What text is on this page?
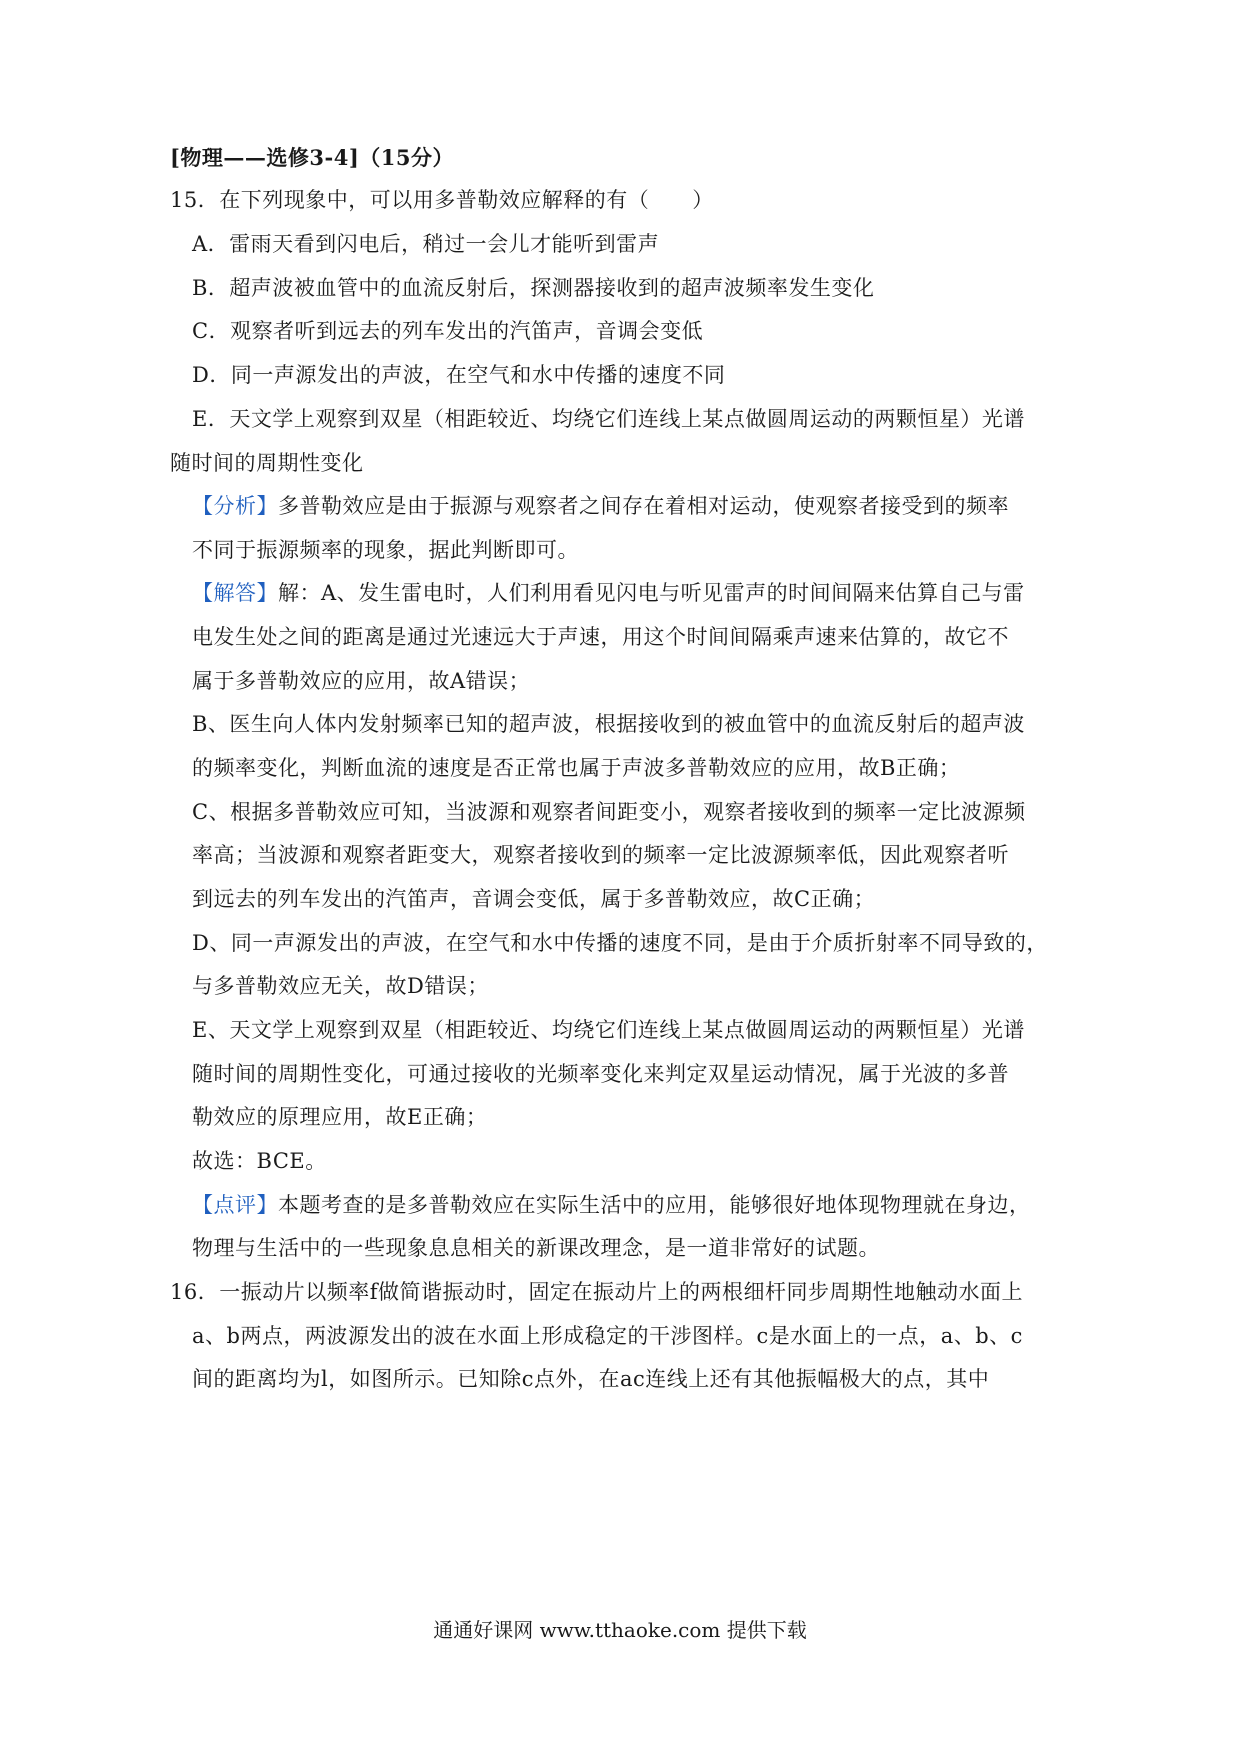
[物理——选修3-4]（15分）
15．在下列现象中，可以用多普勒效应解释的有（　　）
A．雷雨天看到闪电后，稍过一会儿才能听到雷声
B．超声波被血管中的血流反射后，探测器接收到的超声波频率发生变化
C．观察者听到远去的列车发出的汽笛声，音调会变低
D．同一声源发出的声波，在空气和水中传播的速度不同
E．天文学上观察到双星（相距较近、均绕它们连线上某点做圆周运动的两颗恒星）光谱
随时间的周期性变化
【分析】多普勒效应是由于振源与观察者之间存在着相对运动，使观察者接受到的频率
不同于振源频率的现象，据此判断即可。
【解答】解：A、发生雷电时，人们利用看见闪电与听见雷声的时间间隔来估算自己与雷
电发生处之间的距离是通过光速远大于声速，用这个时间间隔乘声速来估算的，故它不
属于多普勒效应的应用，故A错误；
B、医生向人体内发射频率已知的超声波，根据接收到的被血管中的血流反射后的超声波
的频率变化，判断血流的速度是否正常也属于声波多普勒效应的应用，故B正确；
C、根据多普勒效应可知，当波源和观察者间距变小，观察者接收到的频率一定比波源频
率高；当波源和观察者距变大，观察者接收到的频率一定比波源频率低，因此观察者听
到远去的列车发出的汽笛声，音调会变低，属于多普勒效应，故C正确；
D、同一声源发出的声波，在空气和水中传播的速度不同，是由于介质折射率不同导致的，
与多普勒效应无关，故D错误；
E、天文学上观察到双星（相距较近、均绕它们连线上某点做圆周运动的两颗恒星）光谱
随时间的周期性变化，可通过接收的光频率变化来判定双星运动情况，属于光波的多普
勒效应的原理应用，故E正确；
故选：BCE。
【点评】本题考查的是多普勒效应在实际生活中的应用，能够很好地体现物理就在身边，
物理与生活中的一些现象息息相关的新课改理念，是一道非常好的试题。
16．一振动片以频率f做简谐振动时，固定在振动片上的两根细杆同步周期性地触动水面上
a、b两点，两波源发出的波在水面上形成稳定的干涉图样。c是水面上的一点，a、b、c
间的距离均为l，如图所示。已知除c点外，在ac连线上还有其他振幅极大的点，其中
通通好课网 www.tthaoke.com 提供下载
